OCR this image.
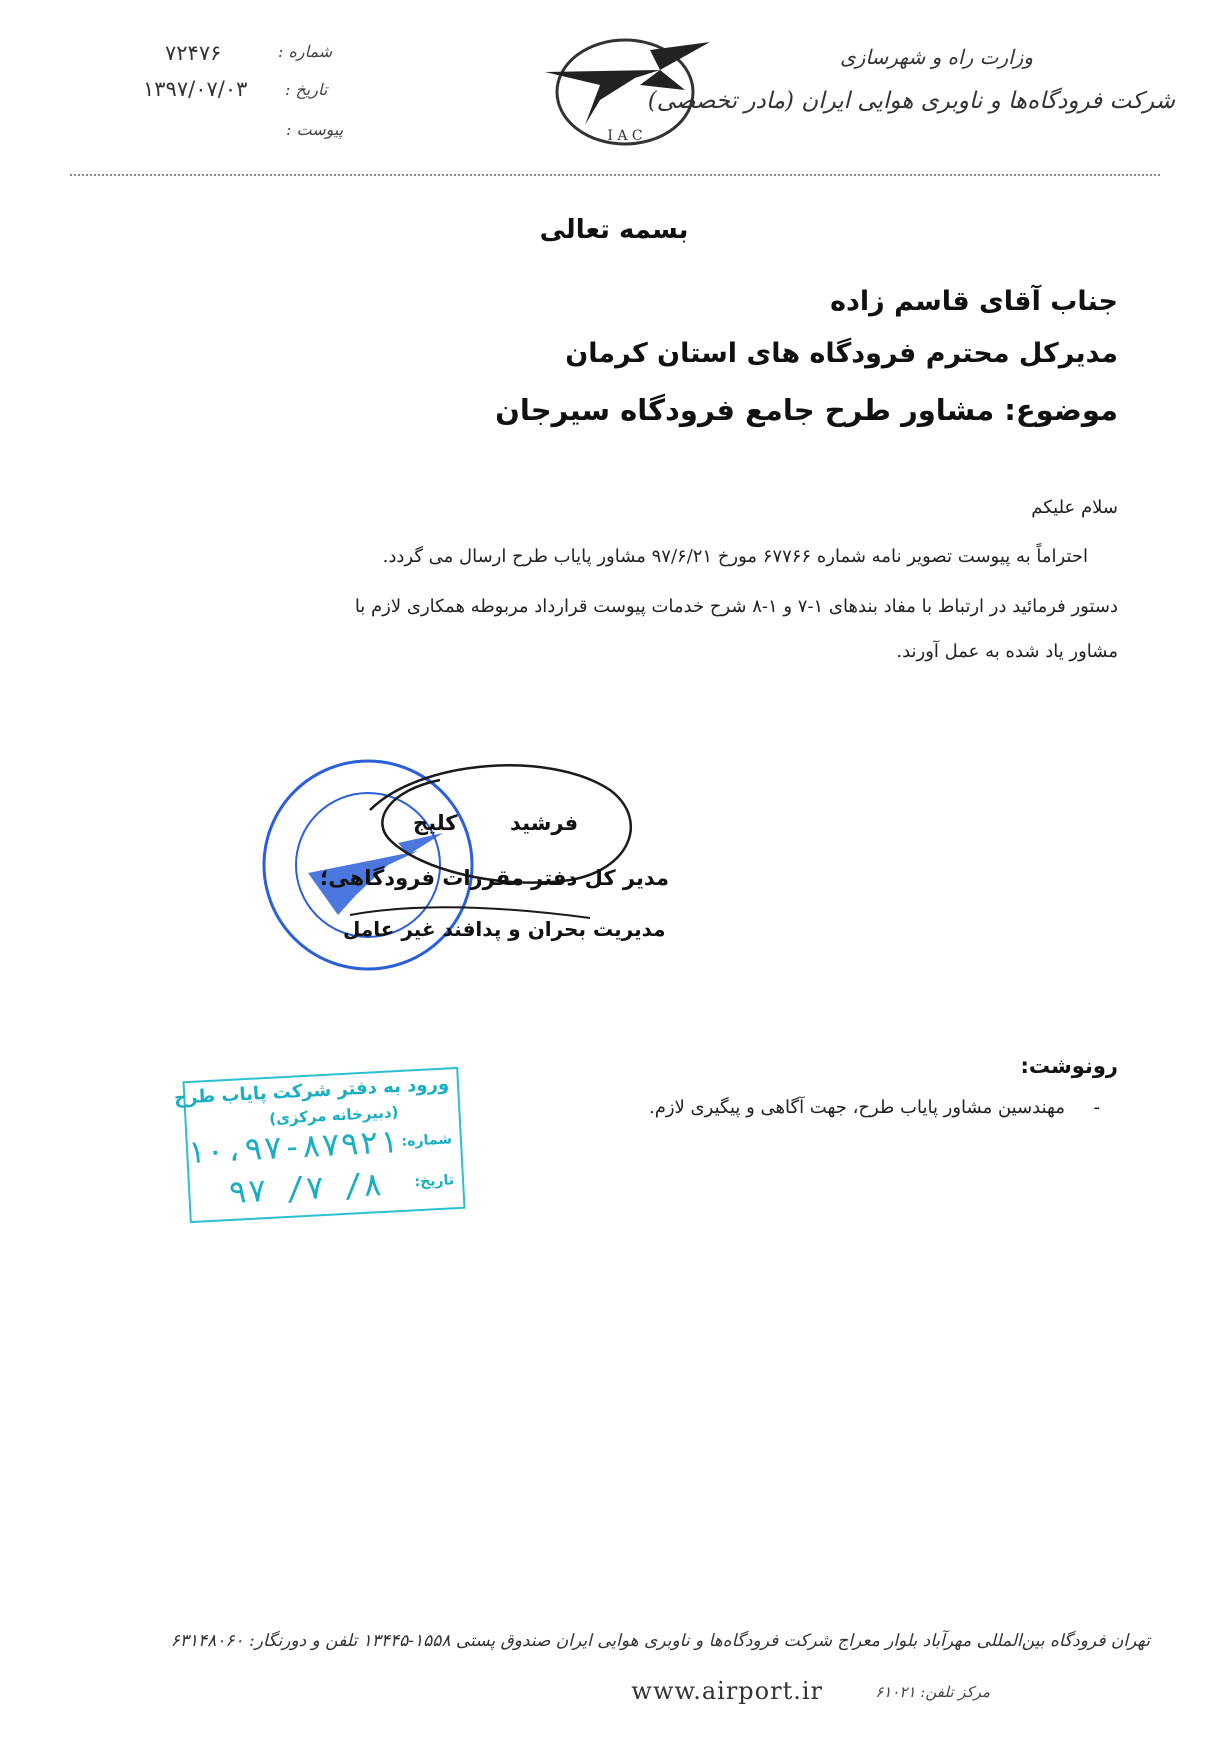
وزارت راه و شهرسازی
شرکت فرودگاه‌ها و ناوبری هوایی ایران (مادر تخصصی)
I A C
شماره :
۷۲۴۷۶
تاریخ :
۱۳۹۷/۰۷/۰۳
پیوست :
بسمه تعالی
جناب آقای قاسم زاده
مدیرکل محترم فرودگاه های استان کرمان
موضوع: مشاور طرح جامع فرودگاه سیرجان
سلام علیکم
احتراماً به پیوست تصویر نامه شماره ۶۷۷۶۶ مورخ ۹۷/۶/۲۱ مشاور پایاب طرح ارسال می گردد.
دستور فرمائید در ارتباط با مفاد بندهای ۱-۷ و ۱-۸ شرح خدمات پیوست قرارداد مربوطه همکاری لازم با
مشاور یاد شده به عمل آورند.
فرشید
کلیج
مدیر کل دفتر مقررات فرودگاهی؛
مدیریت بحران و پدافند غیر عامل
رونوشت:
-
مهندسین مشاور پایاب طرح، جهت آگاهی و پیگیری لازم.
ورود به دفتر شرکت پایاب طرح
(دبیرخانه مرکزی)
شماره:
۱۰،۹۷-۸۷۹۲۱
تاریخ:
۹۷ /۷ /۸
تهران فرودگاه بین‌المللی مهرآباد بلوار معراج شرکت فرودگاه‌ها و ناوبری هوایی ایران صندوق پستی ۱۵۵۸-۱۳۴۴۵ تلفن و دورنگار: ۶۳۱۴۸۰۶۰
www.airport.ir	مرکز تلفن: ۶۱۰۲۱
